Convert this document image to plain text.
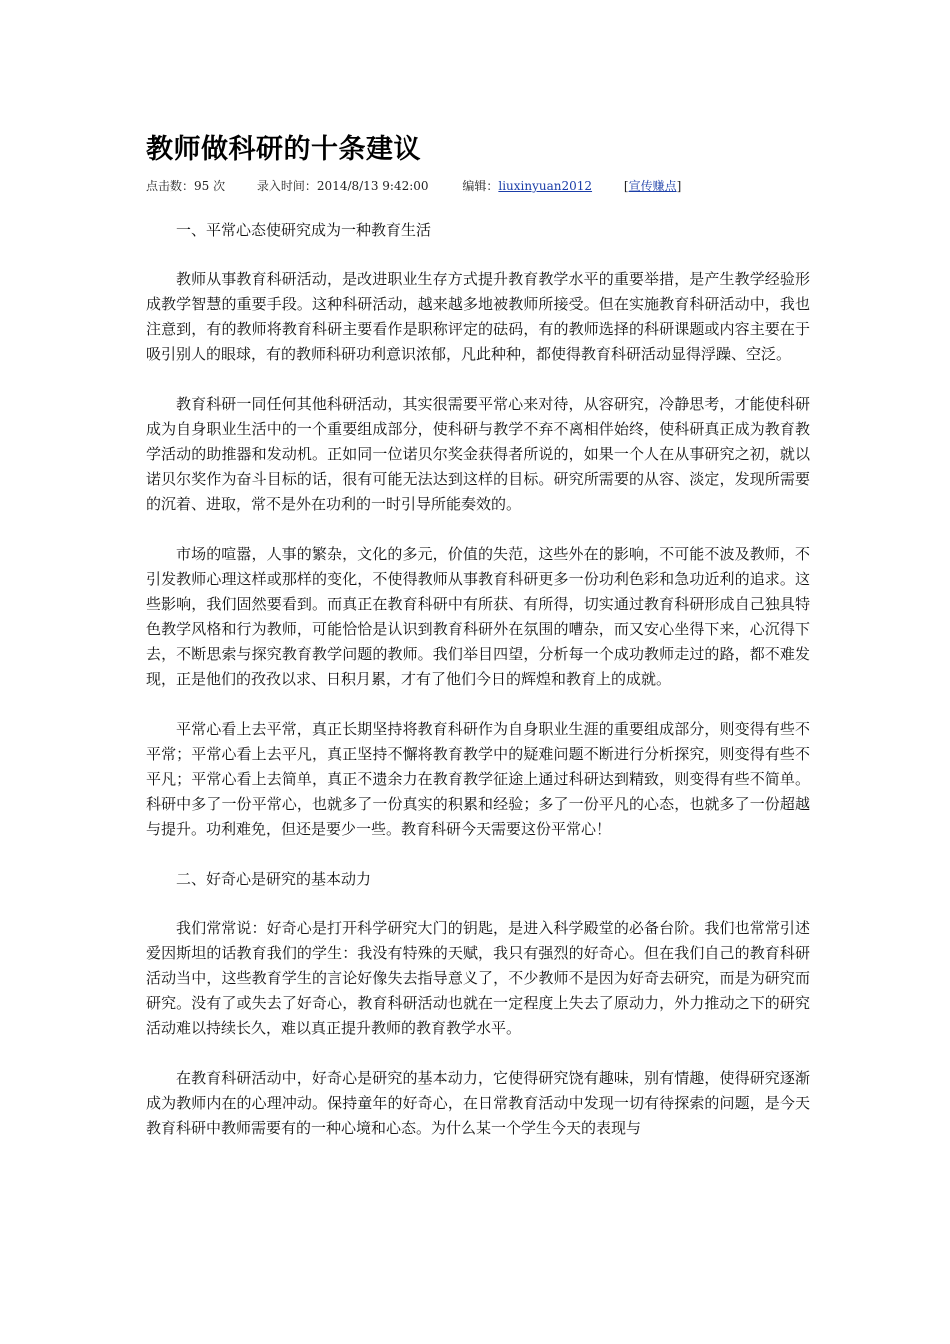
教师做科研的十条建议
点击数：95 次	录入时间：2014/8/13 9:42:00	编辑：liuxinyuan2012	[宣传赚点]

一、平常心态使研究成为一种教育生活

教师从事教育科研活动，是改进职业生存方式提升教育教学水平的重要举措，是产生教学经验形成教学智慧的重要手段。这种科研活动，越来越多地被教师所接受。但在实施教育科研活动中，我也注意到，有的教师将教育科研主要看作是职称评定的砝码，有的教师选择的科研课题或内容主要在于吸引别人的眼球，有的教师科研功利意识浓郁，凡此种种，都使得教育科研活动显得浮躁、空泛。

教育科研一同任何其他科研活动，其实很需要平常心来对待，从容研究，冷静思考，才能使科研成为自身职业生活中的一个重要组成部分，使科研与教学不弃不离相伴始终，使科研真正成为教育教学活动的助推器和发动机。正如同一位诺贝尔奖金获得者所说的，如果一个人在从事研究之初，就以诺贝尔奖作为奋斗目标的话，很有可能无法达到这样的目标。研究所需要的从容、淡定，发现所需要的沉着、进取，常不是外在功利的一时引导所能奏效的。

市场的喧嚣，人事的繁杂，文化的多元，价值的失范，这些外在的影响，不可能不波及教师，不引发教师心理这样或那样的变化，不使得教师从事教育科研更多一份功利色彩和急功近利的追求。这些影响，我们固然要看到。而真正在教育科研中有所获、有所得，切实通过教育科研形成自己独具特色教学风格和行为教师，可能恰恰是认识到教育科研外在氛围的嘈杂，而又安心坐得下来，心沉得下去，不断思索与探究教育教学问题的教师。我们举目四望，分析每一个成功教师走过的路，都不难发现，正是他们的孜孜以求、日积月累，才有了他们今日的辉煌和教育上的成就。

平常心看上去平常，真正长期坚持将教育科研作为自身职业生涯的重要组成部分，则变得有些不平常；平常心看上去平凡，真正坚持不懈将教育教学中的疑难问题不断进行分析探究，则变得有些不平凡；平常心看上去简单，真正不遗余力在教育教学征途上通过科研达到精致，则变得有些不简单。科研中多了一份平常心，也就多了一份真实的积累和经验；多了一份平凡的心态，也就多了一份超越与提升。功利难免，但还是要少一些。教育科研今天需要这份平常心！

二、好奇心是研究的基本动力

我们常常说：好奇心是打开科学研究大门的钥匙，是进入科学殿堂的必备台阶。我们也常常引述爱因斯坦的话教育我们的学生：我没有特殊的天赋，我只有强烈的好奇心。但在我们自己的教育科研活动当中，这些教育学生的言论好像失去指导意义了，不少教师不是因为好奇去研究，而是为研究而研究。没有了或失去了好奇心，教育科研活动也就在一定程度上失去了原动力，外力推动之下的研究活动难以持续长久，难以真正提升教师的教育教学水平。

在教育科研活动中，好奇心是研究的基本动力，它使得研究饶有趣味，别有情趣，使得研究逐渐成为教师内在的心理冲动。保持童年的好奇心，在日常教育活动中发现一切有待探索的问题，是今天教育科研中教师需要有的一种心境和心态。为什么某一个学生今天的表现与
